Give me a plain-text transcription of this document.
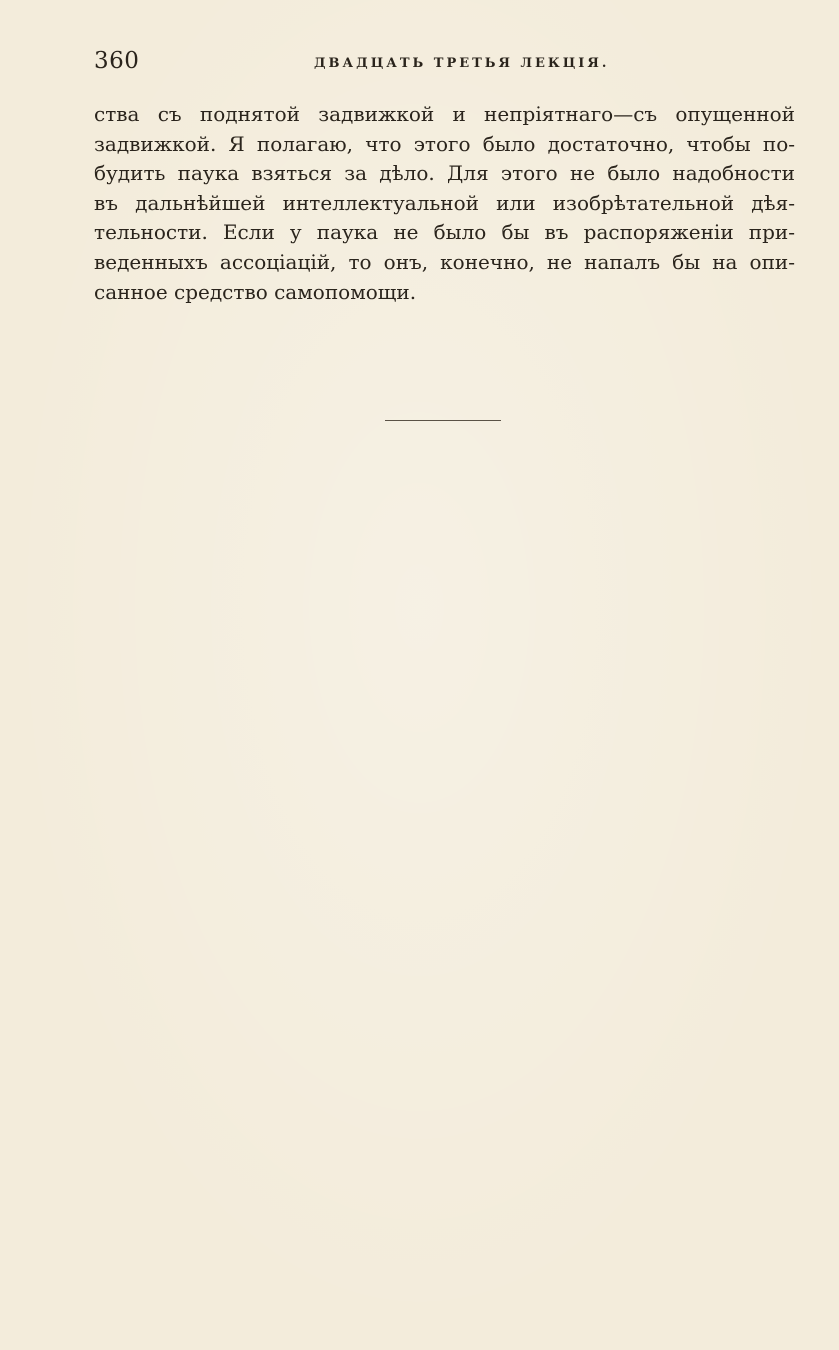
360	ДВАДЦАТЬ ТРЕТЬЯ ЛЕКЦІЯ.
ства съ поднятой задвижкой и непріятнаго—съ опущенной
задвижкой. Я полагаю, что этого было достаточно, чтобы по-
будить паука взяться за дѣло. Для этого не было надобности
въ дальнѣйшей интеллектуальной или изобрѣтательной дѣя-
тельности. Если у паука не было бы въ распоряженіи при-
веденныхъ ассоціацій, то онъ, конечно, не напалъ бы на опи-
санное средство самопомощи.
